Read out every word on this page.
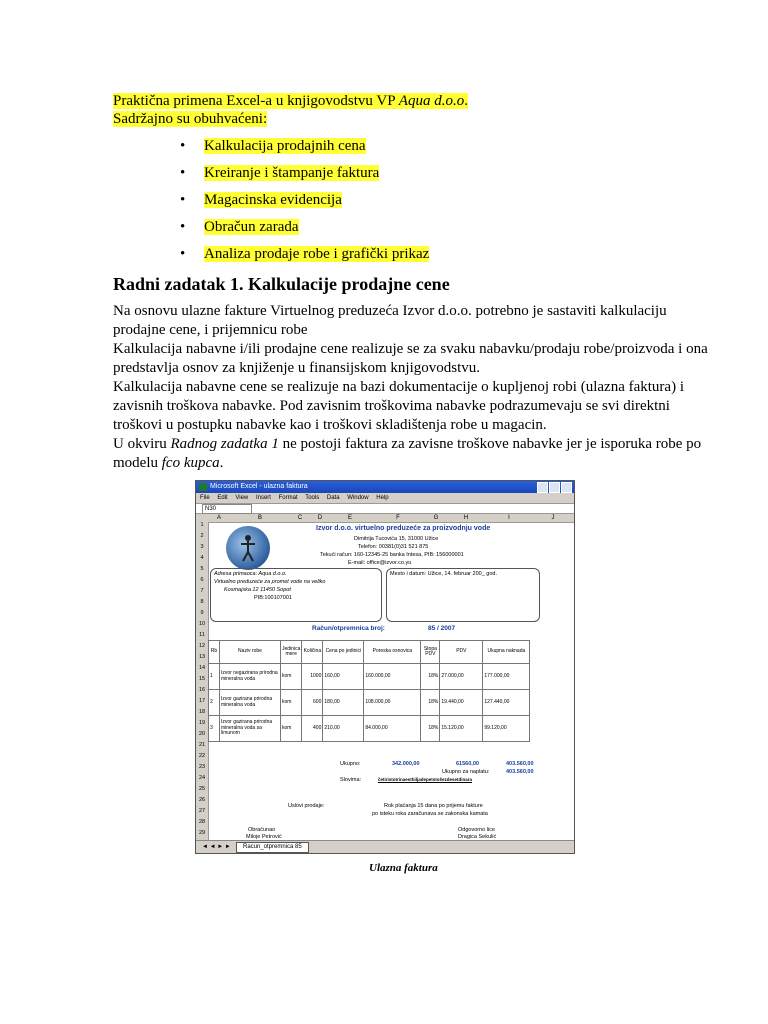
Praktična primena Excel-a u knjigovodstvu VP Aqua d.o.o.
Sadržajno su obuhvaćeni:
• Kalkulacija prodajnih cena
• Kreiranje i štampanje faktura
• Magacinska evidencija
• Obračun zarada
• Analiza prodaje robe i grafički prikaz
Radni zadatak 1. Kalkulacije prodajne cene

Na osnovu ulazne fakture Virtuelnog preduzeća Izvor d.o.o. potrebno je sastaviti kalkulaciju prodajne cene, i prijemnicu robe

Kalkulacija nabavne i/ili prodajne cene realizuje se za svaku nabavku/prodaju robe/proizvoda i ona predstavlja osnov za knjiženje u finansijskom knjigovodstvu.

Kalkulacija nabavne cene se realizuje na bazi dokumentacije o kupljenoj robi (ulazna faktura) i zavisnih troškova nabavke. Pod zavisnim troškovima nabavke podrazumevaju se svi direktni troškovi u postupku nabavke kao i troškovi skladištenja robe u magacin.

U okviru Radnog zadatka 1 ne postoji faktura za zavisne troškove nabavke jer je isporuka robe po modelu fco kupca.

Microsoft Excel - ulazna faktura
File Edit View Insert Format Tools Data Window Help
N30
A	B	C	D	E	F	G	H	I	J
1
2
3
4
5
6
7
8
9
10
11
12
13
14
15
16
17
18
19
20
21
22
23
24
25
26
27
28
29
Izvor d.o.o. virtuelno preduzeće za proizvodnju vode
Dimitrija Tucovića 15, 31000 Užice
Telefon: 00381(0)31 521 875
Tekući račun: 160-12345-25 banka Intesa, PIB: 156000001
E-mail: office@izvor.co.yu
Adresa primaoca: Aqua d.o.o.
Virtuelno preduzeće za promet vode na veliko
Kosmajska 12 11450 Sopot
PIB:100107001
Mesto i datum: Užice, 14. februar 200_ god.
Račun/otpremnica broj:	85 / 2007
Rb	Naziv robe	Jedinica mere	Količina	Cena po jedinici	Poreska osnovica	Stopa PDV	PDV	Ukupna naknada
1	Izvor negazirana prirodna mineralna voda	kom	1000	160,00	160.000,00	18%	27.000,00	177.000,00
2	Izvor gazirana prirodna mineralna voda	kom	600	180,00	108.000,00	18%	19.440,00	127.440,00
3	Izvor gazirana prirodna mineralna voda sa limunom	kom	400	210,00	84.000,00	18%	15.120,00	99.120,00
Ukupno:	342.000,00	61560,00	403.560,00
Ukupno za naplatu:	403.560,00
Slovima:	četiristotrinaesthiljadepetstošezdesetdinara
Uslovi prodaje:	Rok plaćanja 15 dana po prijemu fakture
po isteku roka zaračunava se zakonska kamata
Obračunao
Miloje Petrović
Odgovorno lice
Dragica Sekulić
◄ ◄ ► ►	Racun_otpremnica 85
Ulazna faktura
